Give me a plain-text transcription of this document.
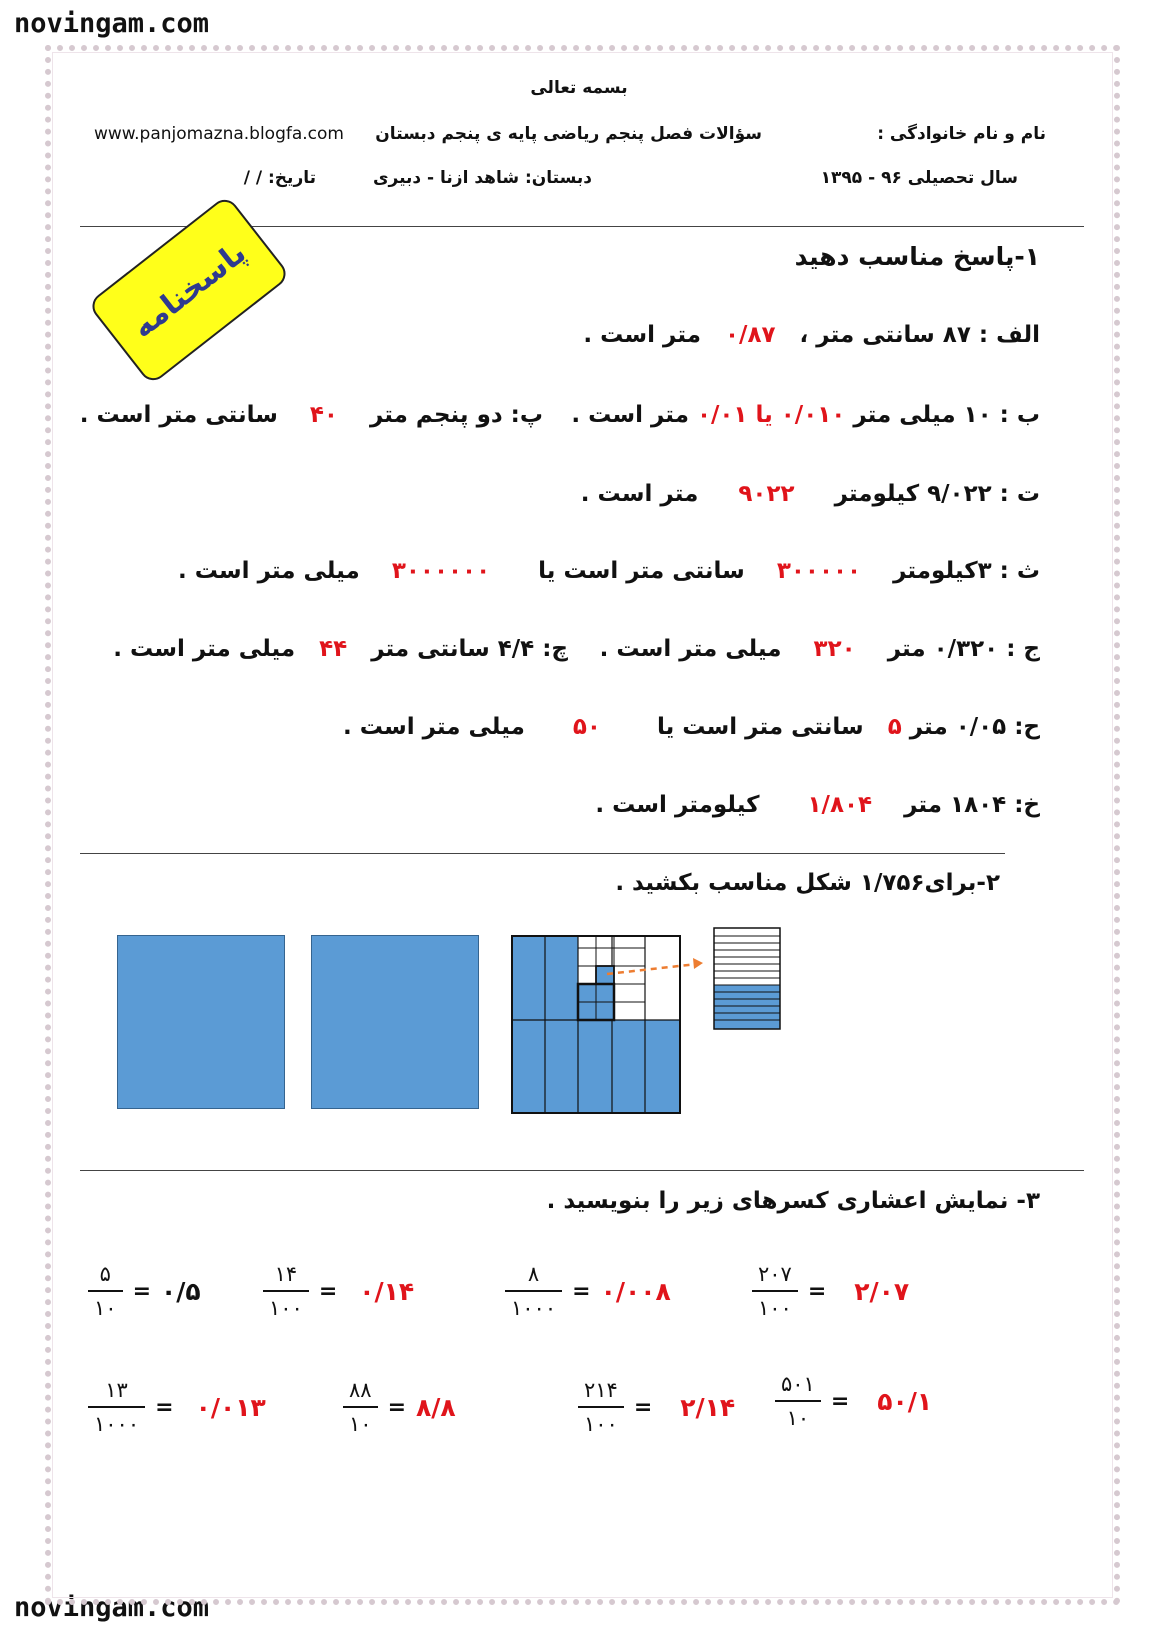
novingam.com
novingam.com
بسمه تعالی
نام و نام خانوادگی :
سؤالات فصل پنجم ریاضی پایه ی پنجم دبستان
www.panjomazna.blogfa.com
سال تحصیلی ۹۶ - ۱۳۹۵
دبستان: شاهد ازنا - دبیری
تاریخ: / /
پاسخنامه	۱-پاسخ مناسب دهید
الف : ۸۷ سانتی متر ،   ۰/۸۷   متر است .
ب : ۱۰ میلی متر ۰/۰۱۰ یا ۰/۰۱ متر است .
پ: دو پنجم متر    ۴۰    سانتی متر است .
ت : ۹/۰۲۲ کیلومتر     ۹۰۲۲     متر است .
ث : ۳کیلومتر    ۳۰۰۰۰۰    سانتی متر است یا      ۳۰۰۰۰۰۰    میلی متر است .
ج : ۰/۳۲۰ متر    ۳۲۰    میلی متر است .
چ: ۴/۴ سانتی متر   ۴۴   میلی متر است .
ح: ۰/۰۵ متر ۵   سانتی متر است یا       ۵۰      میلی متر است .
خ: ۱۸۰۴ متر    ۱/۸۰۴      کیلومتر است .
۲-برای۱/۷۵۶ شکل مناسب بکشید .
۳- نمایش اعشاری کسرهای زیر را بنویسید .
$\frac{۵}{۱۰}$ = ۰/۵	$\frac{۱۴}{۱۰۰}$ = ۰/۱۴	$\frac{۸}{۱۰۰۰}$ = ۰/۰۰۸	$\frac{۲۰۷}{۱۰۰}$ = ۲/۰۷
$\frac{۱۳}{۱۰۰۰}$ = ۰/۰۱۳	$\frac{۸۸}{۱۰}$ = ۸/۸	$\frac{۲۱۴}{۱۰۰}$ = ۲/۱۴ $\frac{۵۰۱}{۱۰}$ = ۵۰/۱
